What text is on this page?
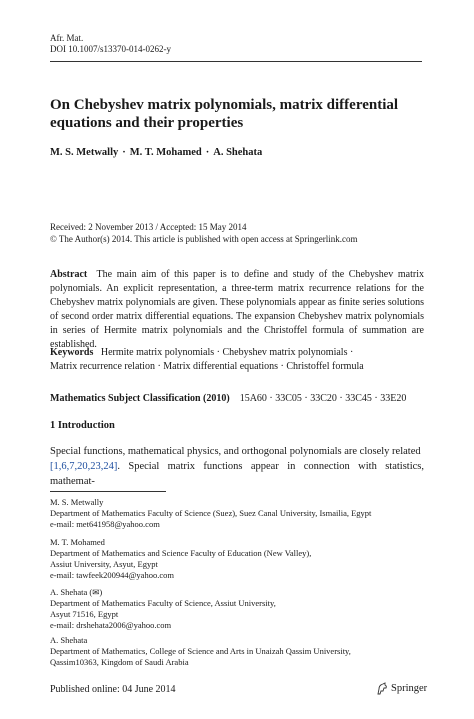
Afr. Mat.
DOI 10.1007/s13370-014-0262-y
On Chebyshev matrix polynomials, matrix differential
equations and their properties
M. S. Metwally · M. T. Mohamed · A. Shehata
Received: 2 November 2013 / Accepted: 15 May 2014
© The Author(s) 2014. This article is published with open access at Springerlink.com
Abstract The main aim of this paper is to define and study of the Chebyshev matrix polynomials. An explicit representation, a three-term matrix recurrence relations for the Chebyshev matrix polynomials are given. These polynomials appear as finite series solutions of second order matrix differential equations. The expansion Chebyshev matrix polynomials in series of Hermite matrix polynomials and the Christoffel formula of summation are established.
Keywords Hermite matrix polynomials · Chebyshev matrix polynomials ·
Matrix recurrence relation · Matrix differential equations · Christoffel formula
Mathematics Subject Classification (2010) 15A60 · 33C05 · 33C20 · 33C45 · 33E20
1 Introduction
Special functions, mathematical physics, and orthogonal polynomials are closely related
[1,6,7,20,23,24]. Special matrix functions appear in connection with statistics, mathemat-
M. S. Metwally
Department of Mathematics Faculty of Science (Suez), Suez Canal University, Ismailia, Egypt
e-mail: met641958@yahoo.com
M. T. Mohamed
Department of Mathematics and Science Faculty of Education (New Valley),
Assiut University, Asyut, Egypt
e-mail: tawfeek200944@yahoo.com
A. Shehata (✉)
Department of Mathematics Faculty of Science, Assiut University,
Asyut 71516, Egypt
e-mail: drshehata2006@yahoo.com
A. Shehata
Department of Mathematics, College of Science and Arts in Unaizah Qassim University,
Qassim10363, Kingdom of Saudi Arabia
Published online: 04 June 2014	Springer
